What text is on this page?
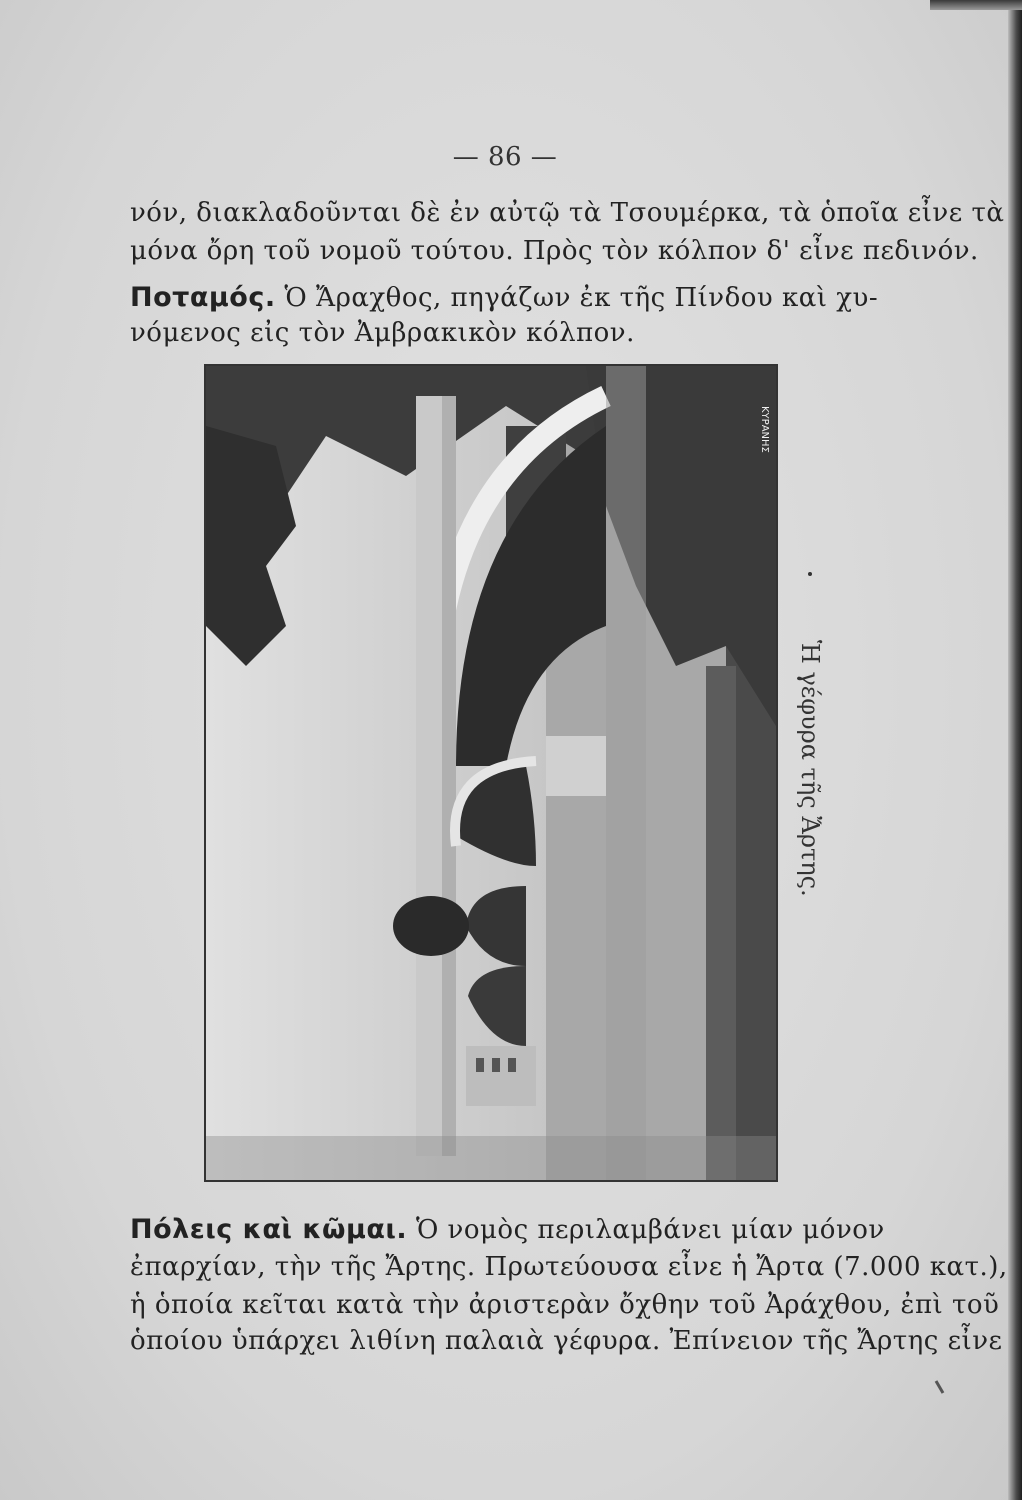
— 86 —
νόν, διακλαδοῦνται δὲ ἐν αὐτῷ τὰ Τσουμέρκα, τὰ ὁποῖα εἶνε τὰ
μόνα ὄρη τοῦ νομοῦ τούτου. Πρὸς τὸν κόλπον δ' εἶνε πεδινόν.
Ποταμός. Ὁ Ἄραχθος, πηγάζων ἐκ τῆς Πίνδου καὶ χυ-
νόμενος εἰς τὸν Ἀμβρακικὸν κόλπον.
ΚΥΡΑΝΗΣ
Ἡ γέφυρα τῆς Ἄρτης.
Πόλεις καὶ κῶμαι. Ὁ νομὸς περιλαμβάνει μίαν μόνον
ἐπαρχίαν, τὴν τῆς Ἄρτης. Πρωτεύουσα εἶνε ἡ Ἄρτα (7.000 κατ.),
ἡ ὁποία κεῖται κατὰ τὴν ἀριστερὰν ὄχθην τοῦ Ἀράχθου, ἐπὶ τοῦ
ὁποίου ὑπάρχει λιθίνη παλαιὰ γέφυρα. Ἐπίνειον τῆς Ἄρτης εἶνε
